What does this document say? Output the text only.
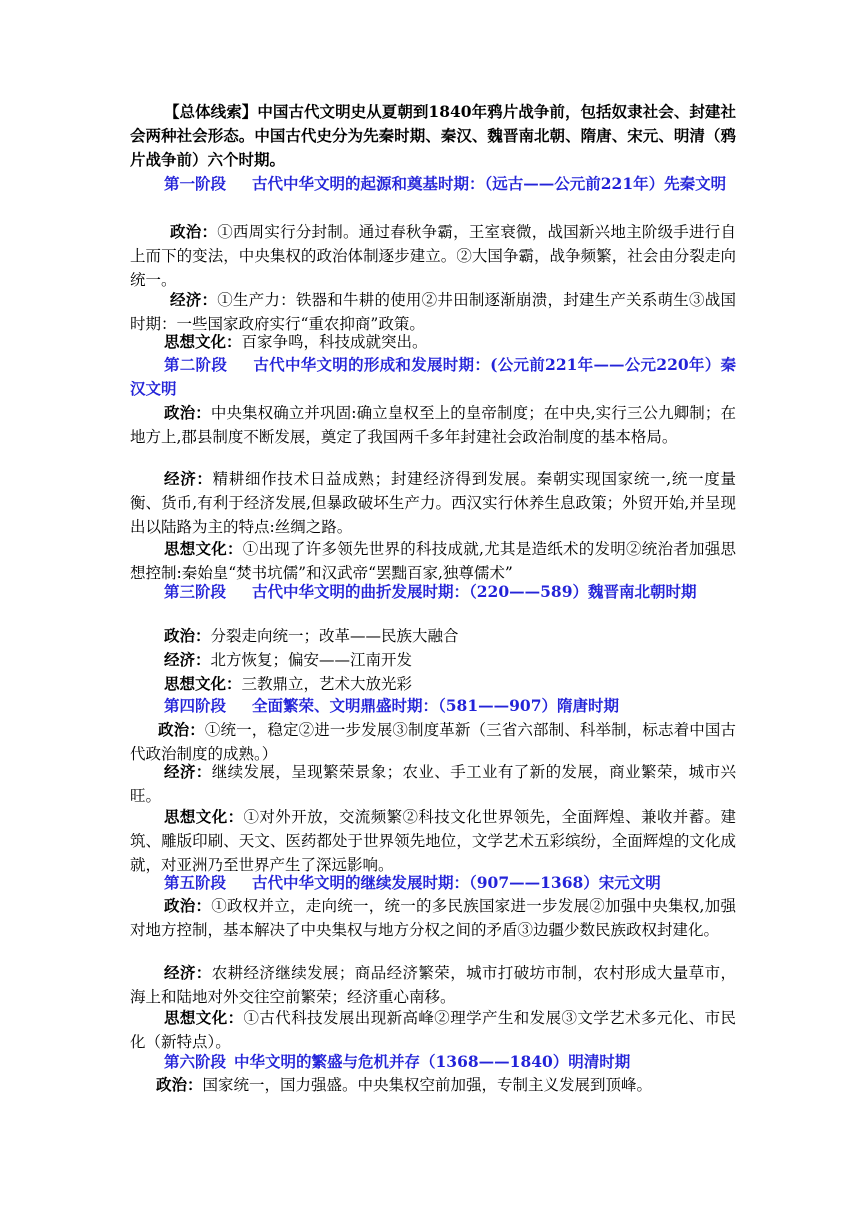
【总体线索】中国古代文明史从夏朝到1840年鸦片战争前，包括奴隶社会、封建社会两种社会形态。中国古代史分为先秦时期、秦汉、魏晋南北朝、隋唐、宋元、明清（鸦片战争前）六个时期。

第一阶段 古代中华文明的起源和奠基时期：（远古——公元前221年）先秦文明

政治：①西周实行分封制。通过春秋争霸，王室衰微，战国新兴地主阶级手进行自上而下的变法，中央集权的政治体制逐步建立。②大国争霸，战争频繁，社会由分裂走向统一。

经济：①生产力：铁器和牛耕的使用②井田制逐渐崩溃，封建生产关系萌生③战国时期：一些国家政府实行“重农抑商”政策。

思想文化：百家争鸣，科技成就突出。

第二阶段 古代中华文明的形成和发展时期：(公元前221年——公元220年）秦汉文明

政治：中央集权确立并巩固:确立皇权至上的皇帝制度；在中央,实行三公九卿制；在地方上,郡县制度不断发展，奠定了我国两千多年封建社会政治制度的基本格局。

经济：精耕细作技术日益成熟；封建经济得到发展。秦朝实现国家统一,统一度量衡、货币,有利于经济发展,但暴政破坏生产力。西汉实行休养生息政策；外贸开始,并呈现出以陆路为主的特点:丝绸之路。

思想文化：①出现了许多领先世界的科技成就,尤其是造纸术的发明②统治者加强思想控制:秦始皇“焚书坑儒”和汉武帝“罢黜百家,独尊儒术”

第三阶段 古代中华文明的曲折发展时期：（220——589）魏晋南北朝时期

政治：分裂走向统一；改革——民族大融合

经济：北方恢复；偏安——江南开发

思想文化：三教鼎立，艺术大放光彩

第四阶段 全面繁荣、文明鼎盛时期：（581——907）隋唐时期

政治：①统一，稳定②进一步发展③制度革新（三省六部制、科举制，标志着中国古代政治制度的成熟。）

经济：继续发展，呈现繁荣景象；农业、手工业有了新的发展，商业繁荣，城市兴旺。

思想文化：①对外开放，交流频繁②科技文化世界领先，全面辉煌、兼收并蓄。建筑、雕版印刷、天文、医药都处于世界领先地位，文学艺术五彩缤纷，全面辉煌的文化成就，对亚洲乃至世界产生了深远影响。

第五阶段 古代中华文明的继续发展时期：（907——1368）宋元文明

政治：①政权并立，走向统一，统一的多民族国家进一步发展②加强中央集权,加强对地方控制，基本解决了中央集权与地方分权之间的矛盾③边疆少数民族政权封建化。

经济：农耕经济继续发展；商品经济繁荣，城市打破坊市制，农村形成大量草市，海上和陆地对外交往空前繁荣；经济重心南移。

思想文化：①古代科技发展出现新高峰②理学产生和发展③文学艺术多元化、市民化（新特点）。

第六阶段 中华文明的繁盛与危机并存（1368——1840）明清时期

政治：国家统一，国力强盛。中央集权空前加强，专制主义发展到顶峰。
